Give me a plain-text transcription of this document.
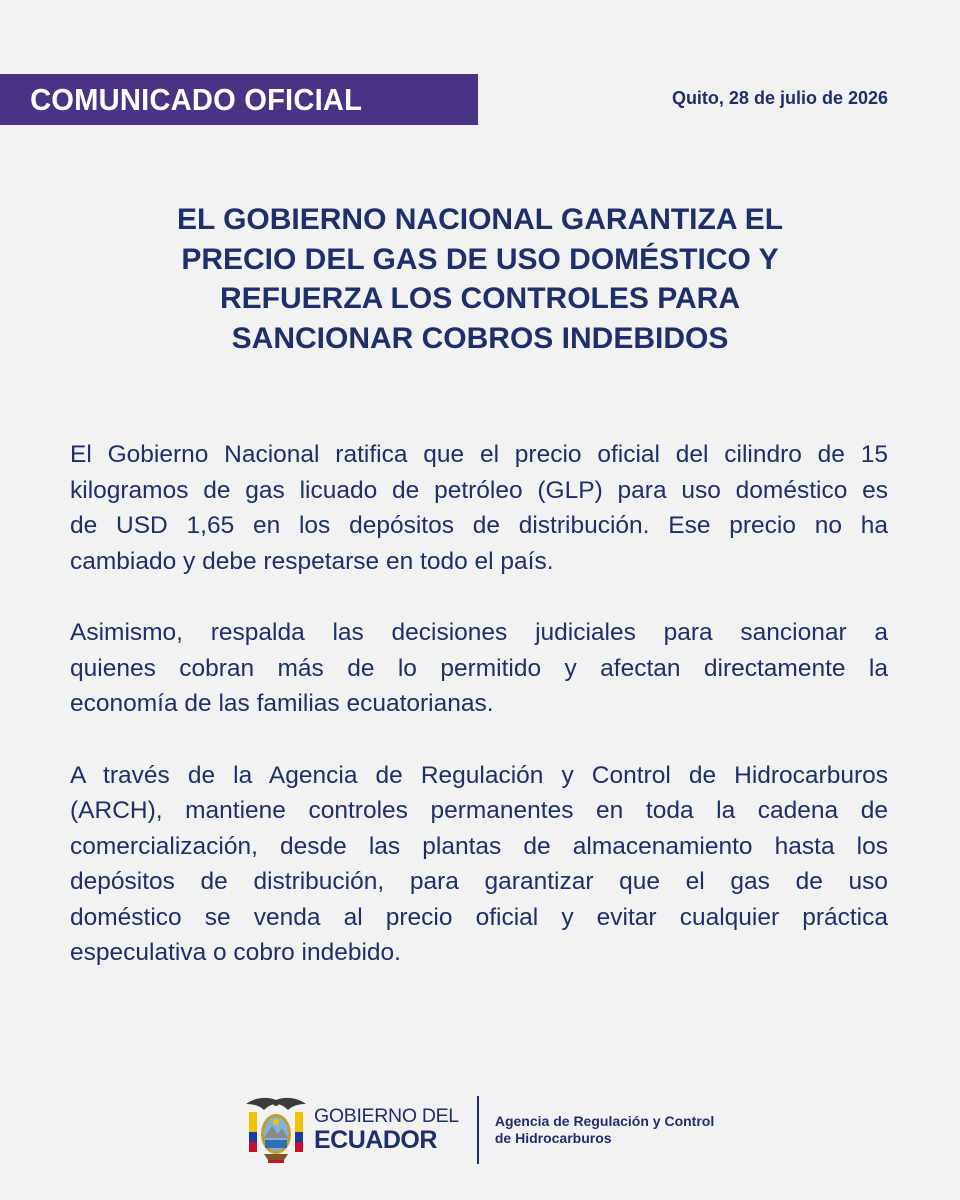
COMUNICADO OFICIAL	Quito, 28 de julio de 2026
EL GOBIERNO NACIONAL GARANTIZA EL
PRECIO DEL GAS DE USO DOMÉSTICO Y
REFUERZA LOS CONTROLES PARA
SANCIONAR COBROS INDEBIDOS

El Gobierno Nacional ratifica que el precio oficial del cilindro de 15
kilogramos de gas licuado de petróleo (GLP) para uso doméstico es
de USD 1,65 en los depósitos de distribución. Ese precio no ha
cambiado y debe respetarse en todo el país.

Asimismo, respalda las decisiones judiciales para sancionar a
quienes cobran más de lo permitido y afectan directamente la
economía de las familias ecuatorianas.

A través de la Agencia de Regulación y Control de Hidrocarburos
(ARCH), mantiene controles permanentes en toda la cadena de
comercialización, desde las plantas de almacenamiento hasta los
depósitos de distribución, para garantizar que el gas de uso
doméstico se venda al precio oficial y evitar cualquier práctica
especulativa o cobro indebido.

GOBIERNO DEL
ECUADOR
Agencia de Regulación y Control
de Hidrocarburos
